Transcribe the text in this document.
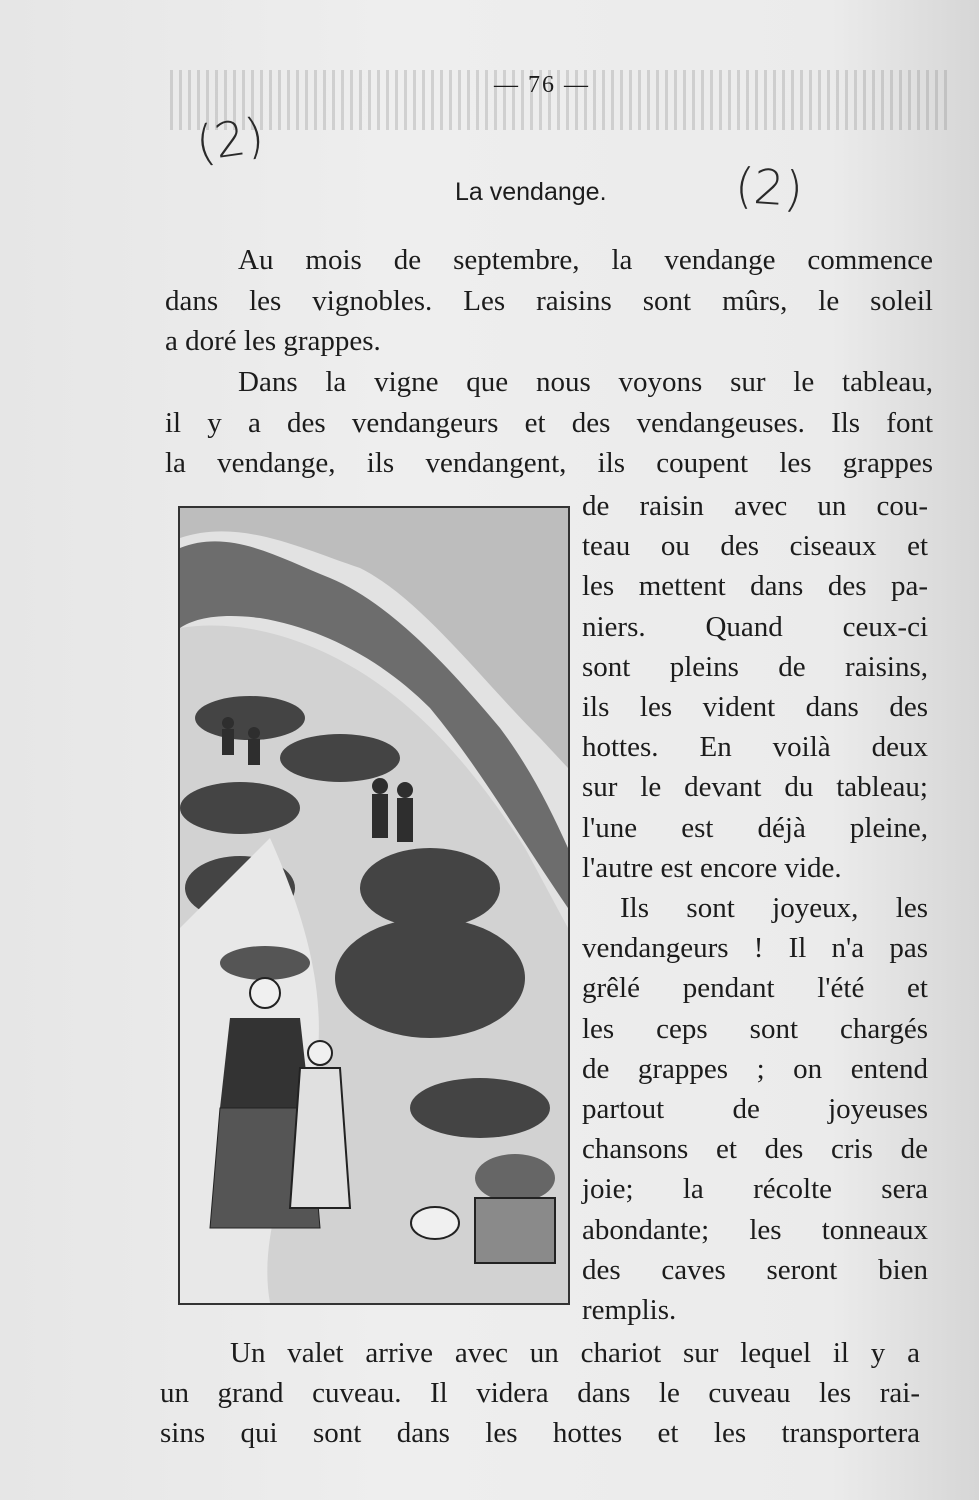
— 76 —
(2)
(2)
La vendange.

Au mois de septembre, la vendange commence

dans les vignobles. Les raisins sont mûrs, le soleil

a doré les grappes.

Dans la vigne que nous voyons sur le tableau,

il y a des vendangeurs et des vendangeuses. Ils font

la vendange, ils vendangent, ils coupent les grappes

de raisin avec un cou-

teau ou des ciseaux et

les mettent dans des pa-

niers. Quand ceux-ci

sont pleins de raisins,

ils les vident dans des

hottes. En voilà deux

sur le devant du tableau;

l'une est déjà pleine,

l'autre est encore vide.

Ils sont joyeux, les

vendangeurs ! Il n'a pas

grêlé pendant l'été et

les ceps sont chargés

de grappes ; on entend

partout de joyeuses

chansons et des cris de

joie; la récolte sera

abondante; les tonneaux

des caves seront bien

remplis.

Un valet arrive avec un chariot sur lequel il y a

un grand cuveau. Il videra dans le cuveau les rai-

sins qui sont dans les hottes et les transportera
